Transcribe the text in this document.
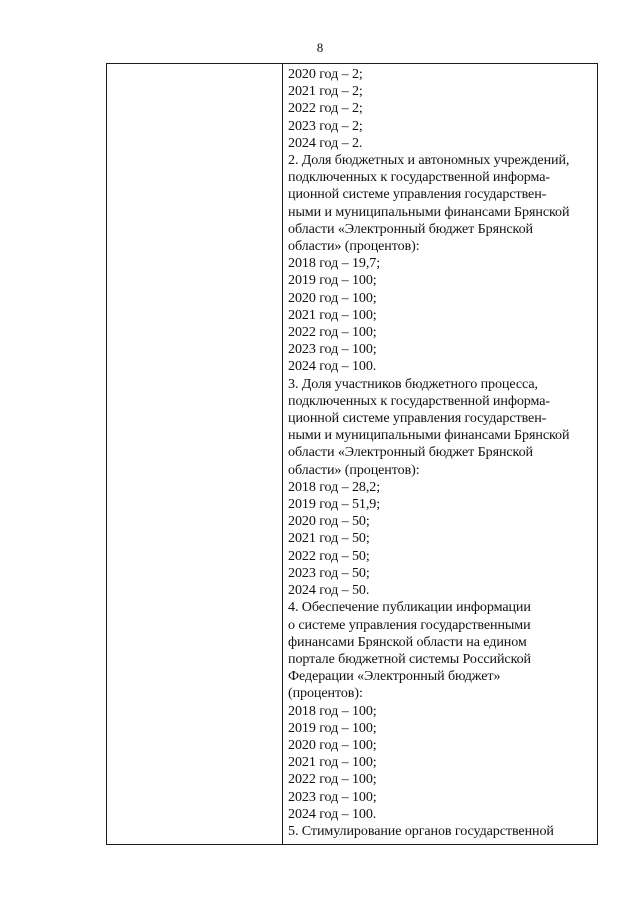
8
2020 год – 2;
2021 год – 2;
2022 год – 2;
2023 год – 2;
2024 год – 2.
2. Доля бюджетных и автономных учреждений,
подключенных к государственной информа-
ционной системе управления государствен-
ными и муниципальными финансами Брянской
области «Электронный бюджет Брянской
области» (процентов):
2018 год – 19,7;
2019 год – 100;
2020 год – 100;
2021 год – 100;
2022 год – 100;
2023 год – 100;
2024 год – 100.
3. Доля участников бюджетного процесса,
подключенных к государственной информа-
ционной системе управления государствен-
ными и муниципальными финансами Брянской
области «Электронный бюджет Брянской
области» (процентов):
2018 год – 28,2;
2019 год – 51,9;
2020 год – 50;
2021 год – 50;
2022 год – 50;
2023 год – 50;
2024 год – 50.
4. Обеспечение публикации информации
о системе управления государственными
финансами Брянской области на едином
портале бюджетной системы Российской
Федерации «Электронный бюджет»
(процентов):
2018 год – 100;
2019 год – 100;
2020 год – 100;
2021 год – 100;
2022 год – 100;
2023 год – 100;
2024 год – 100.
5. Стимулирование органов государственной
